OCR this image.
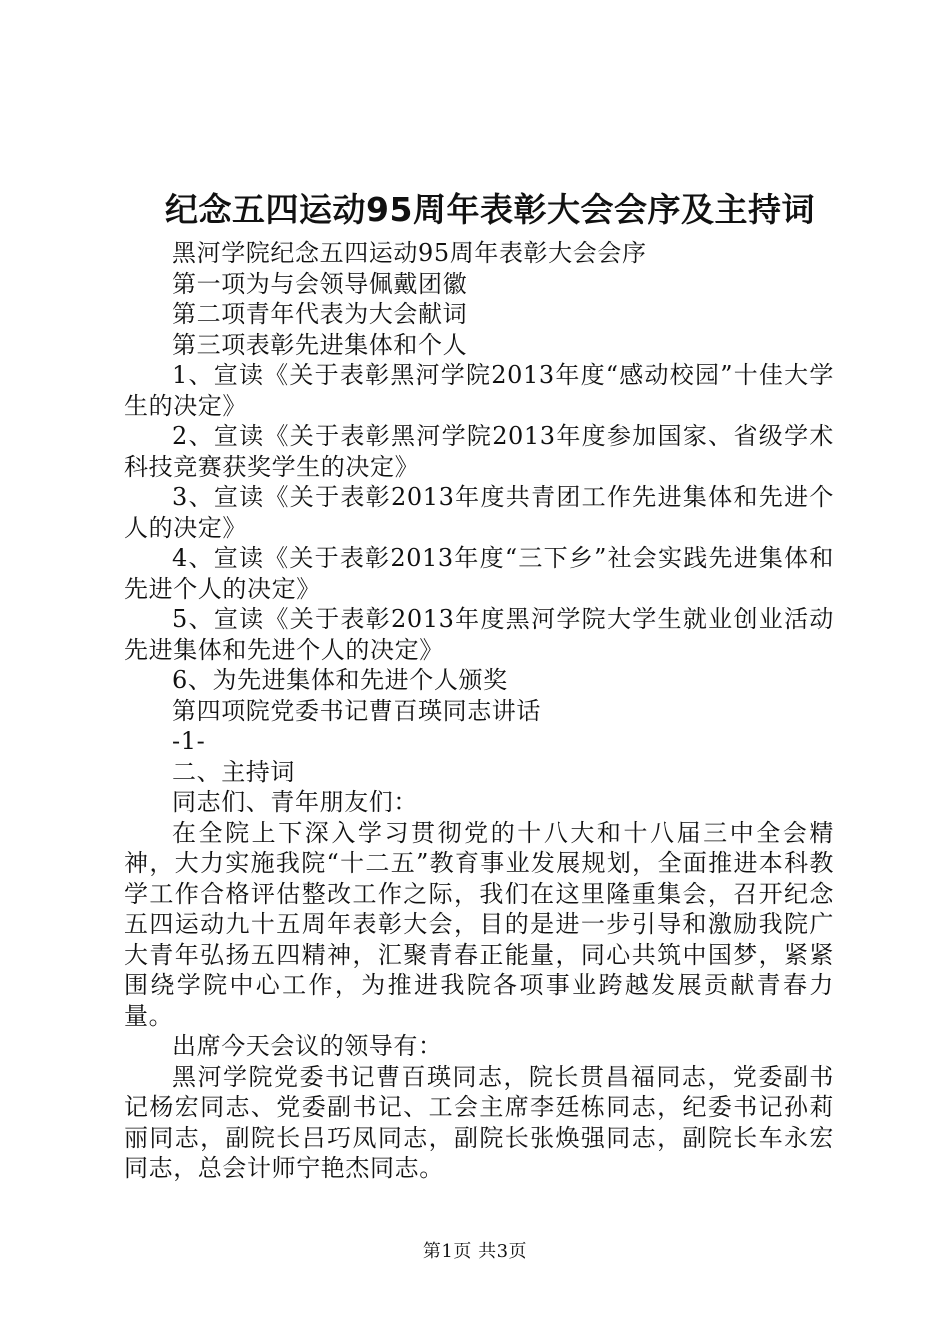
纪念五四运动95周年表彰大会会序及主持词

黑河学院纪念五四运动95周年表彰大会会序

第一项为与会领导佩戴团徽

第二项青年代表为大会献词

第三项表彰先进集体和个人

1、宣读《关于表彰黑河学院2013年度“感动校园”十佳大学生的决定》

2、宣读《关于表彰黑河学院2013年度参加国家、省级学术科技竞赛获奖学生的决定》

3、宣读《关于表彰2013年度共青团工作先进集体和先进个人的决定》

4、宣读《关于表彰2013年度“三下乡”社会实践先进集体和先进个人的决定》

5、宣读《关于表彰2013年度黑河学院大学生就业创业活动先进集体和先进个人的决定》

6、为先进集体和先进个人颁奖

第四项院党委书记曹百瑛同志讲话

-1-

二、主持词

同志们、青年朋友们：

在全院上下深入学习贯彻党的十八大和十八届三中全会精神，大力实施我院“十二五”教育事业发展规划，全面推进本科教学工作合格评估整改工作之际，我们在这里隆重集会，召开纪念五四运动九十五周年表彰大会，目的是进一步引导和激励我院广大青年弘扬五四精神，汇聚青春正能量，同心共筑中国梦，紧紧围绕学院中心工作，为推进我院各项事业跨越发展贡献青春力量。

出席今天会议的领导有：

黑河学院党委书记曹百瑛同志，院长贯昌福同志，党委副书记杨宏同志、党委副书记、工会主席李廷栋同志，纪委书记孙莉丽同志，副院长吕巧凤同志，副院长张焕强同志，副院长车永宏同志，总会计师宁艳杰同志。

第1页 共3页
